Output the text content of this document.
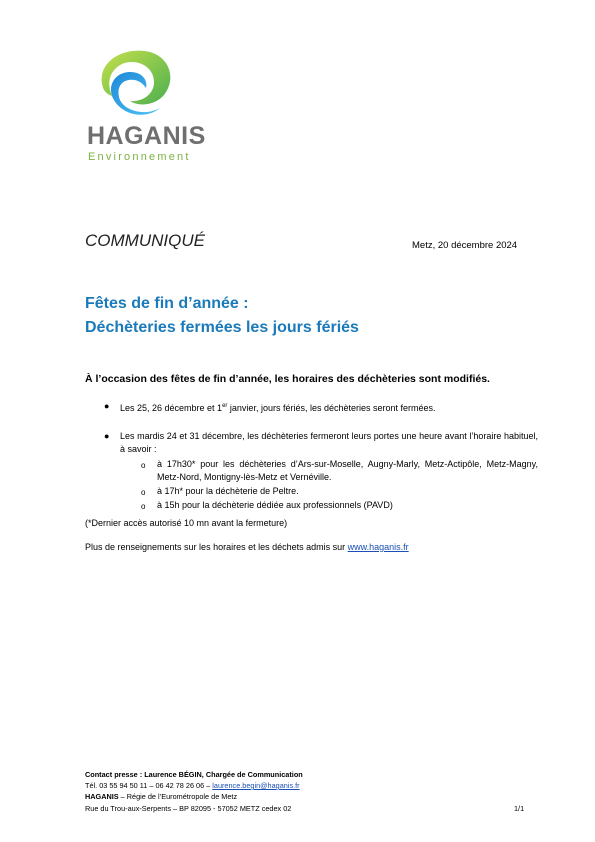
HAGANIS
Environnement
COMMUNIQUÉ	Metz, 20 décembre 2024
Fêtes de fin d’année :
Déchèteries fermées les jours fériés
À l’occasion des fêtes de fin d’année, les horaires des déchèteries sont modifiés.
● Les 25, 26 décembre et 1er janvier, jours fériés, les déchèteries seront fermées.
● Les mardis 24 et 31 décembre, les déchèteries fermeront leurs portes une heure avant l’horaire habituel, à savoir :
o à 17h30* pour les déchèteries d’Ars-sur-Moselle, Augny-Marly, Metz-Actipôle, Metz-Magny, Metz-Nord, Montigny-lès-Metz et Vernéville.
o à 17h* pour la déchèterie de Peltre.
o à 15h pour la déchèterie dédiée aux professionnels (PAVD)
(*Dernier accès autorisé 10 mn avant la fermeture)
Plus de renseignements sur les horaires et les déchets admis sur www.haganis.fr
Contact presse : Laurence BÉGIN, Chargée de Communication
Tél. 03 55 94 50 11 – 06 42 78 26 06 – laurence.begin@haganis.fr
HAGANIS – Régie de l’Eurométropole de Metz
Rue du Trou-aux-Serpents – BP 82095 - 57052 METZ cedex 02	1/1
